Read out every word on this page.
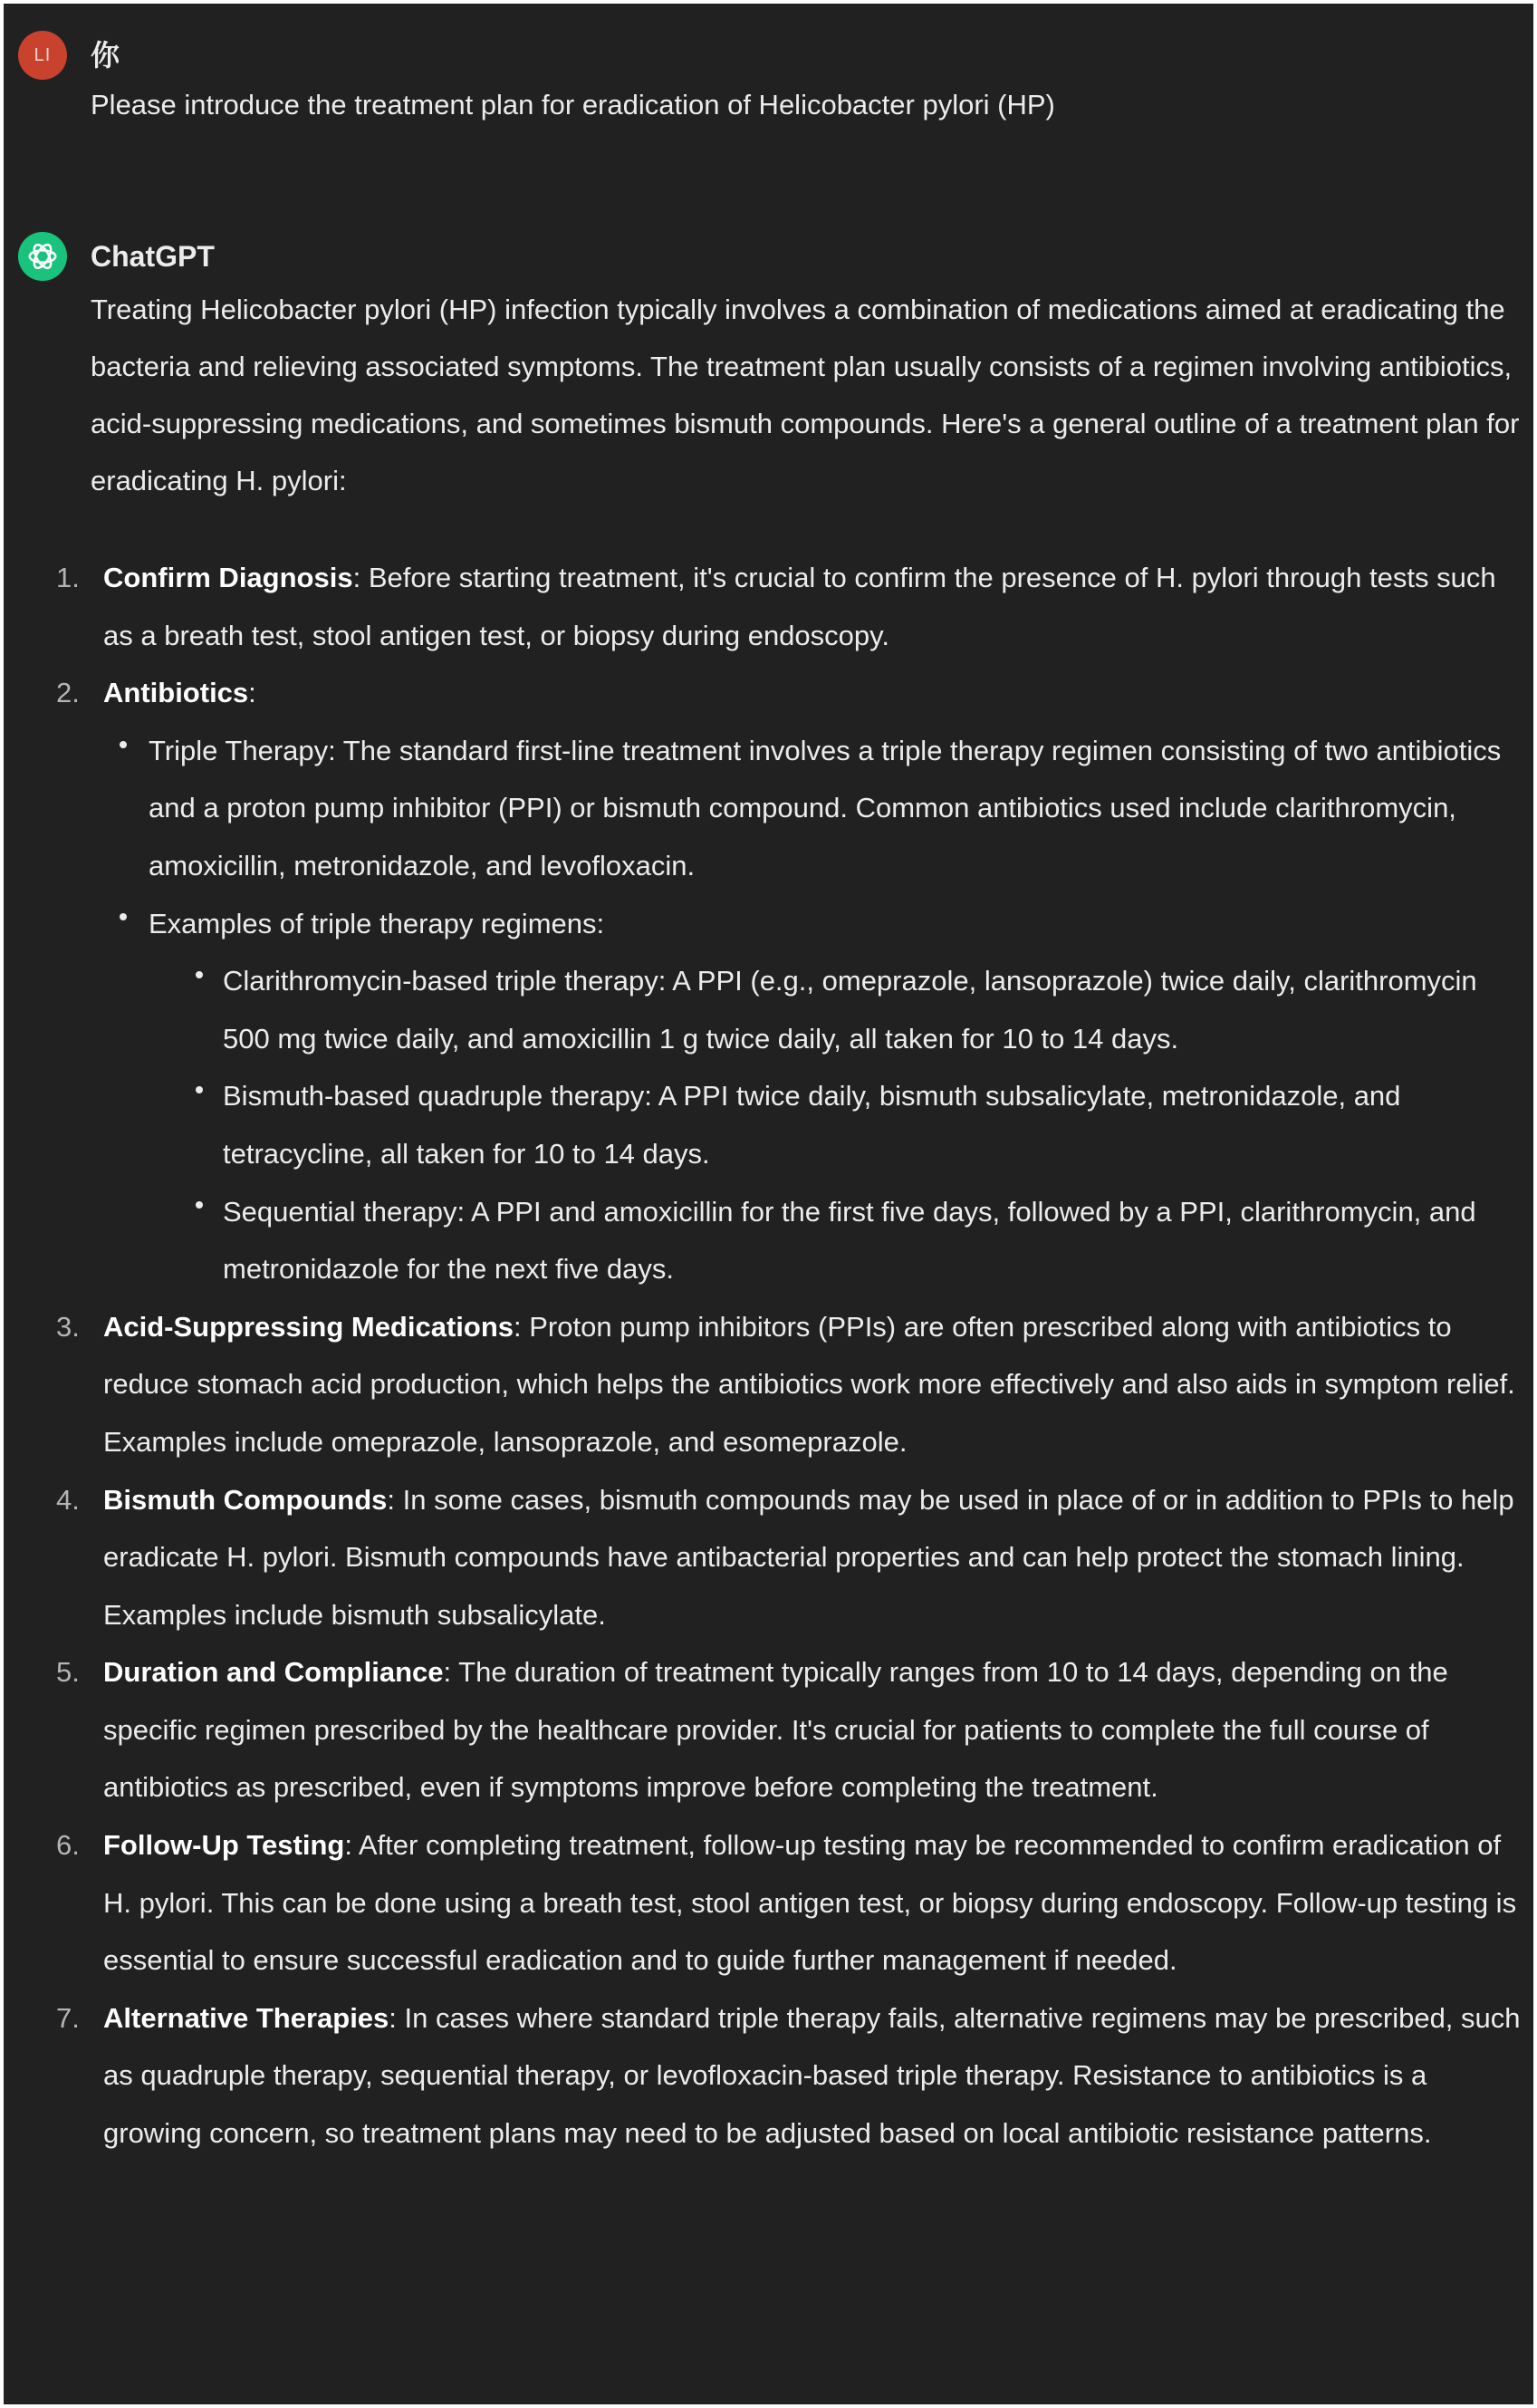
LI 你
Please introduce the treatment plan for eradication of Helicobacter pylori (HP)
ChatGPT
Treating Helicobacter pylori (HP) infection typically involves a combination of medications aimed at eradicating the bacteria and relieving associated symptoms. The treatment plan usually consists of a regimen involving antibiotics, acid-suppressing medications, and sometimes bismuth compounds. Here's a general outline of a treatment plan for eradicating H. pylori:
1. Confirm Diagnosis: Before starting treatment, it's crucial to confirm the presence of H. pylori through tests such as a breath test, stool antigen test, or biopsy during endoscopy.
2. Antibiotics:
Triple Therapy: The standard first-line treatment involves a triple therapy regimen consisting of two antibiotics and a proton pump inhibitor (PPI) or bismuth compound. Common antibiotics used include clarithromycin, amoxicillin, metronidazole, and levofloxacin.
Examples of triple therapy regimens:
Clarithromycin-based triple therapy: A PPI (e.g., omeprazole, lansoprazole) twice daily, clarithromycin 500 mg twice daily, and amoxicillin 1 g twice daily, all taken for 10 to 14 days.
Bismuth-based quadruple therapy: A PPI twice daily, bismuth subsalicylate, metronidazole, and tetracycline, all taken for 10 to 14 days.
Sequential therapy: A PPI and amoxicillin for the first five days, followed by a PPI, clarithromycin, and metronidazole for the next five days.
3. Acid-Suppressing Medications: Proton pump inhibitors (PPIs) are often prescribed along with antibiotics to reduce stomach acid production, which helps the antibiotics work more effectively and also aids in symptom relief. Examples include omeprazole, lansoprazole, and esomeprazole.
4. Bismuth Compounds: In some cases, bismuth compounds may be used in place of or in addition to PPIs to help eradicate H. pylori. Bismuth compounds have antibacterial properties and can help protect the stomach lining. Examples include bismuth subsalicylate.
5. Duration and Compliance: The duration of treatment typically ranges from 10 to 14 days, depending on the specific regimen prescribed by the healthcare provider. It's crucial for patients to complete the full course of antibiotics as prescribed, even if symptoms improve before completing the treatment.
6. Follow-Up Testing: After completing treatment, follow-up testing may be recommended to confirm eradication of H. pylori. This can be done using a breath test, stool antigen test, or biopsy during endoscopy. Follow-up testing is essential to ensure successful eradication and to guide further management if needed.
7. Alternative Therapies: In cases where standard triple therapy fails, alternative regimens may be prescribed, such as quadruple therapy, sequential therapy, or levofloxacin-based triple therapy. Resistance to antibiotics is a growing concern, so treatment plans may need to be adjusted based on local antibiotic resistance patterns.
